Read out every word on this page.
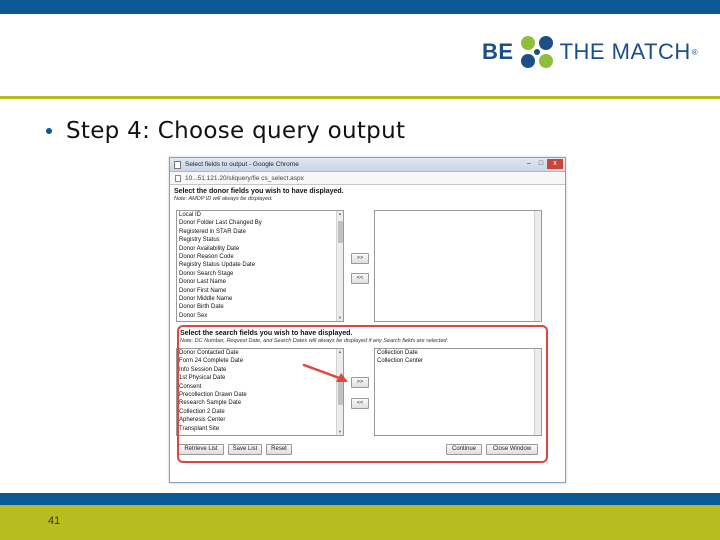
BE THE MATCH ®
Step 4: Choose query output
Select fields to output - Google Chrome	–	□	x
10...51.121.20/sliquery/fie cs_select.aspx
Select the donor fields you wish to have displayed.
Note: AMDP ID will always be displayed.
Local ID
Donor Folder Last Changed By
Registered in STAR Date
Registry Status
Donor Availability Date
Donor Reason Code
Registry Status Update Date
Donor Search Stage
Donor Last Name
Donor First Name
Donor Middle Name
Donor Birth Date
Donor Sex
▲
▼
>>
<<
Select the search fields you wish to have displayed.
Note: DC Number, Request Date, and Search Dates will always be displayed if any Search fields are selected.
Donor Contacted Date
Form 24 Complete Date
Info Session Date
1st Physical Date
Consent
Precollection Drawn Date
Research Sample Date
Collection 2 Date
Apheresis Center
Transplant Site
▲
▼
>>
<<
Collection Date
Collection Center
Retrieve List	Save List	Reset	Continue	Close Window
41
